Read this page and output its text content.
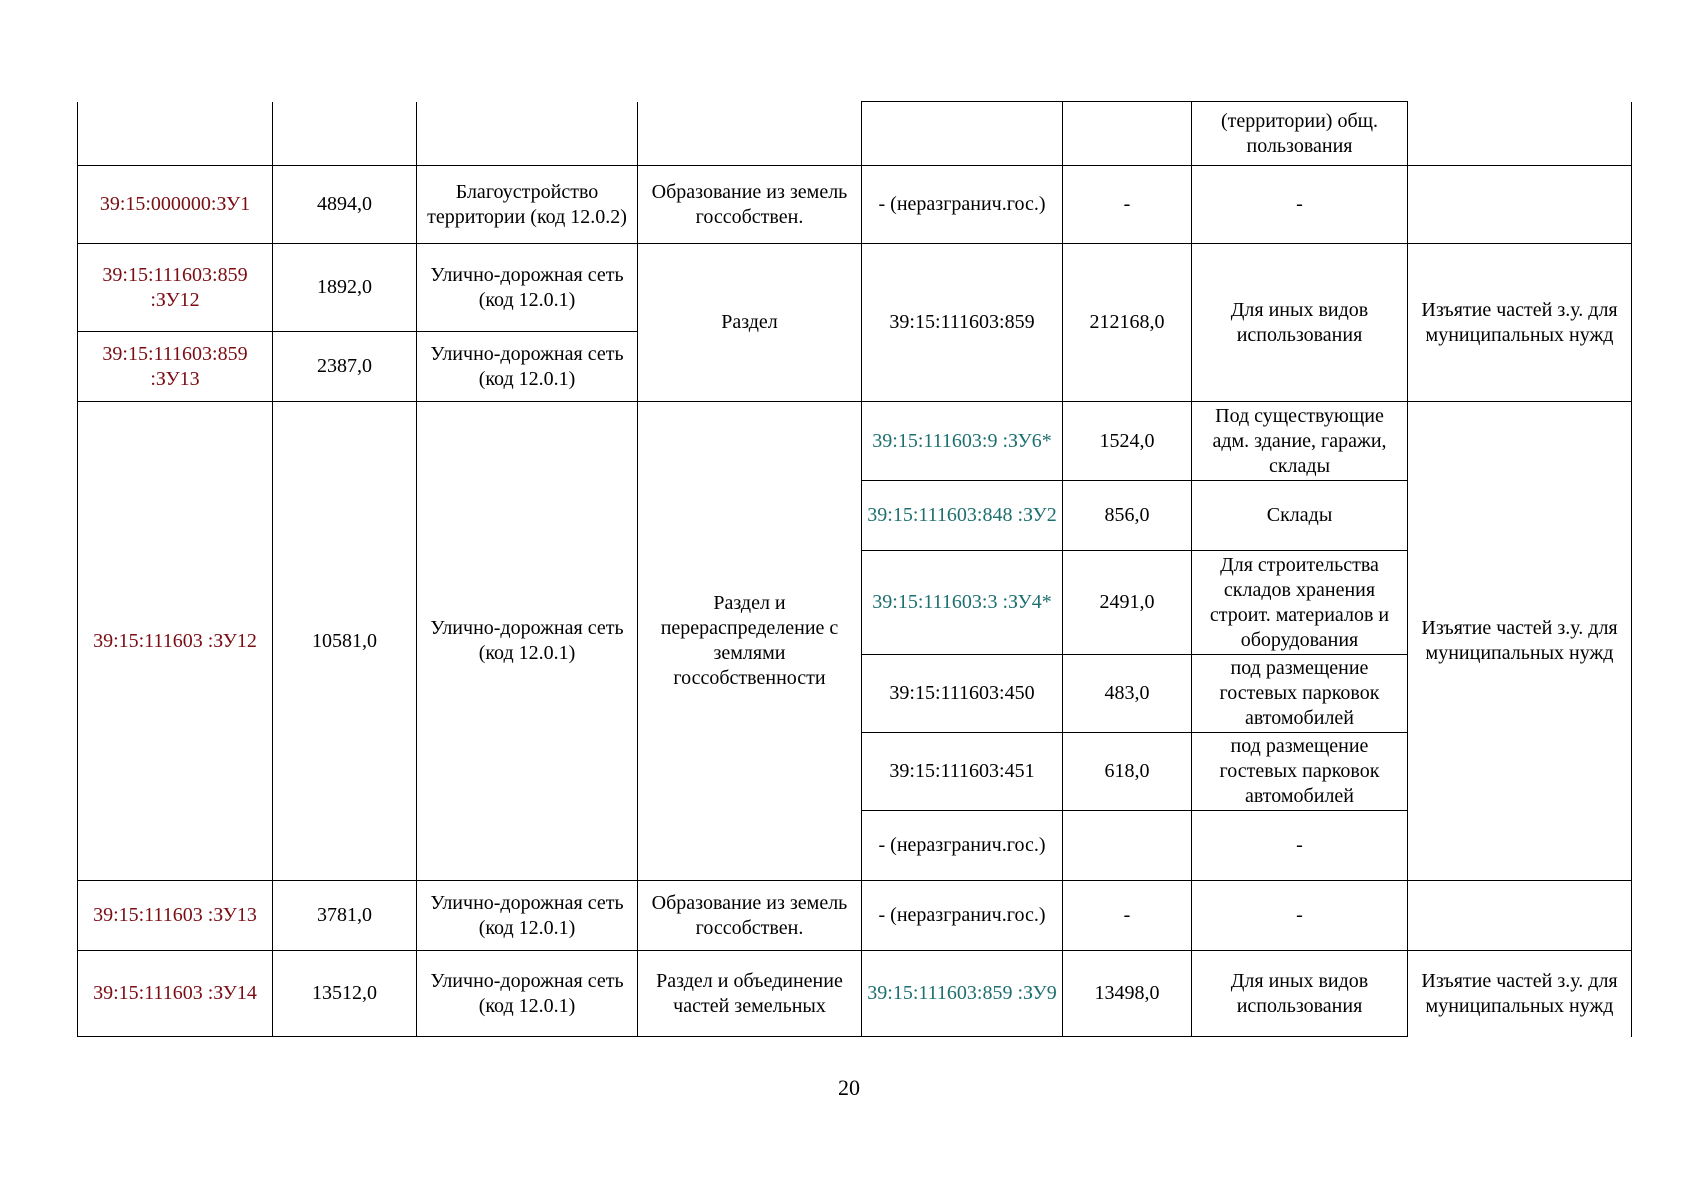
						(территории) общ. пользования	
39:15:000000:ЗУ1	4894,0	Благоустройство территории (код 12.0.2)	Образование из земель госсобствен.	- (неразгранич.гос.)	-	-	
39:15:111603:859 :ЗУ12	1892,0	Улично-дорожная сеть (код 12.0.1)	Раздел	39:15:111603:859	212168,0	Для иных видов использования	Изъятие частей з.у. для муниципальных нужд
39:15:111603:859 :ЗУ13	2387,0	Улично-дорожная сеть (код 12.0.1)					
39:15:111603 :ЗУ12	10581,0	Улично-дорожная сеть (код 12.0.1)	Раздел и перераспределение с землями госсобственности	39:15:111603:9 :ЗУ6*	1524,0	Под существующие адм. здание, гаражи, склады	Изъятие частей з.у. для муниципальных нужд
				39:15:111603:848 :ЗУ2	856,0	Склады	
				39:15:111603:3 :ЗУ4*	2491,0	Для строительства складов хранения строит. материалов и оборудования	
				39:15:111603:450	483,0	под размещение гостевых парковок автомобилей	
				39:15:111603:451	618,0	под размещение гостевых парковок автомобилей	
				- (неразгранич.гос.)		-	
39:15:111603 :ЗУ13	3781,0	Улично-дорожная сеть (код 12.0.1)	Образование из земель госсобствен.	- (неразгранич.гос.)	-	-	
39:15:111603 :ЗУ14	13512,0	Улично-дорожная сеть (код 12.0.1)	Раздел и объединение частей земельных	39:15:111603:859 :ЗУ9	13498,0	Для иных видов использования	Изъятие частей з.у. для муниципальных нужд
20
